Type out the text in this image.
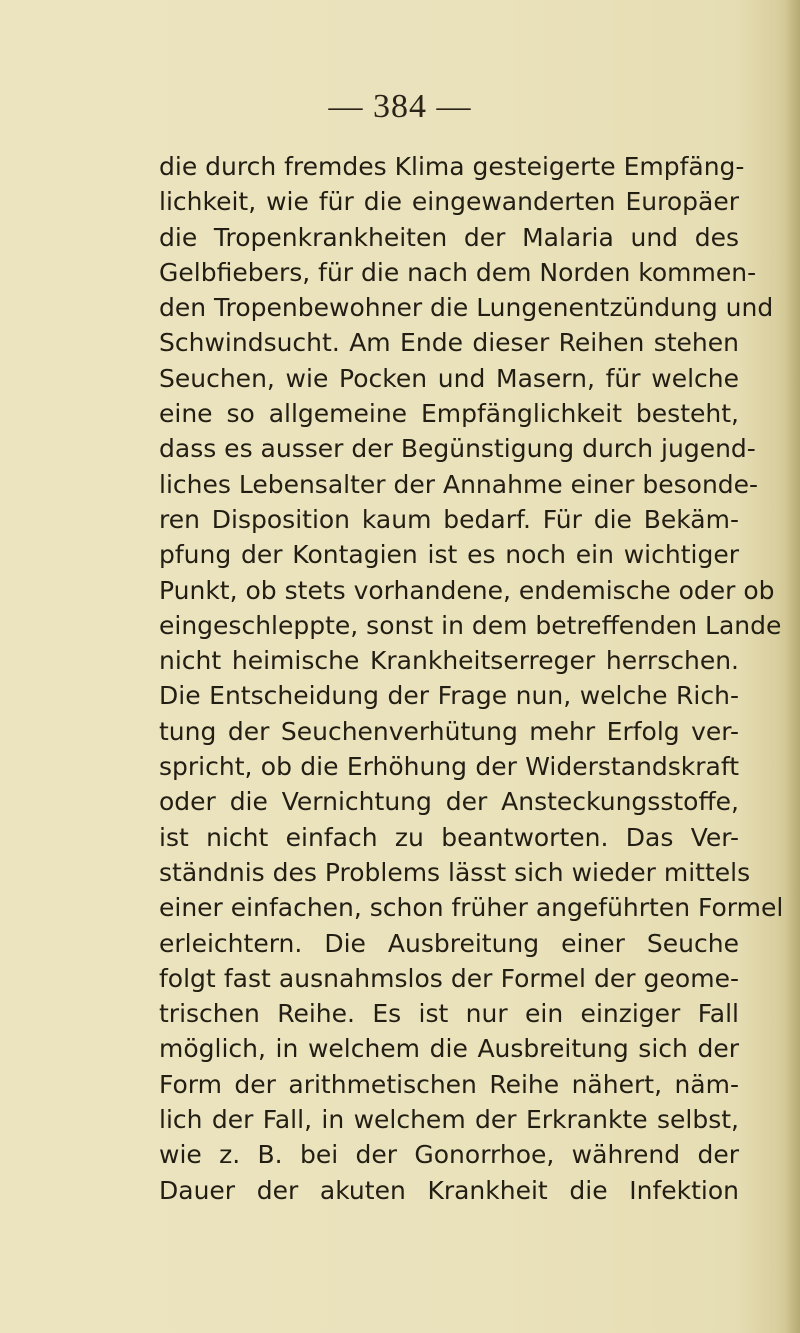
— 384 —
die durch fremdes Klima gesteigerte Empfäng-
lichkeit, wie für die eingewanderten Europäer
die Tropenkrankheiten der Malaria und des
Gelbfiebers, für die nach dem Norden kommen-
den Tropenbewohner die Lungenentzündung und
Schwindsucht. Am Ende dieser Reihen stehen
Seuchen, wie Pocken und Masern, für welche
eine so allgemeine Empfänglichkeit besteht,
dass es ausser der Begünstigung durch jugend-
liches Lebensalter der Annahme einer besonde-
ren Disposition kaum bedarf. Für die Bekäm-
pfung der Kontagien ist es noch ein wichtiger
Punkt, ob stets vorhandene, endemische oder ob
eingeschleppte, sonst in dem betreffenden Lande
nicht heimische Krankheitserreger herrschen.
Die Entscheidung der Frage nun, welche Rich-
tung der Seuchenverhütung mehr Erfolg ver-
spricht, ob die Erhöhung der Widerstandskraft
oder die Vernichtung der Ansteckungsstoffe,
ist nicht einfach zu beantworten. Das Ver-
ständnis des Problems lässt sich wieder mittels
einer einfachen, schon früher angeführten Formel
erleichtern. Die Ausbreitung einer Seuche
folgt fast ausnahmslos der Formel der geome-
trischen Reihe. Es ist nur ein einziger Fall
möglich, in welchem die Ausbreitung sich der
Form der arithmetischen Reihe nähert, näm-
lich der Fall, in welchem der Erkrankte selbst,
wie z. B. bei der Gonorrhoe, während der
Dauer der akuten Krankheit die Infektion
